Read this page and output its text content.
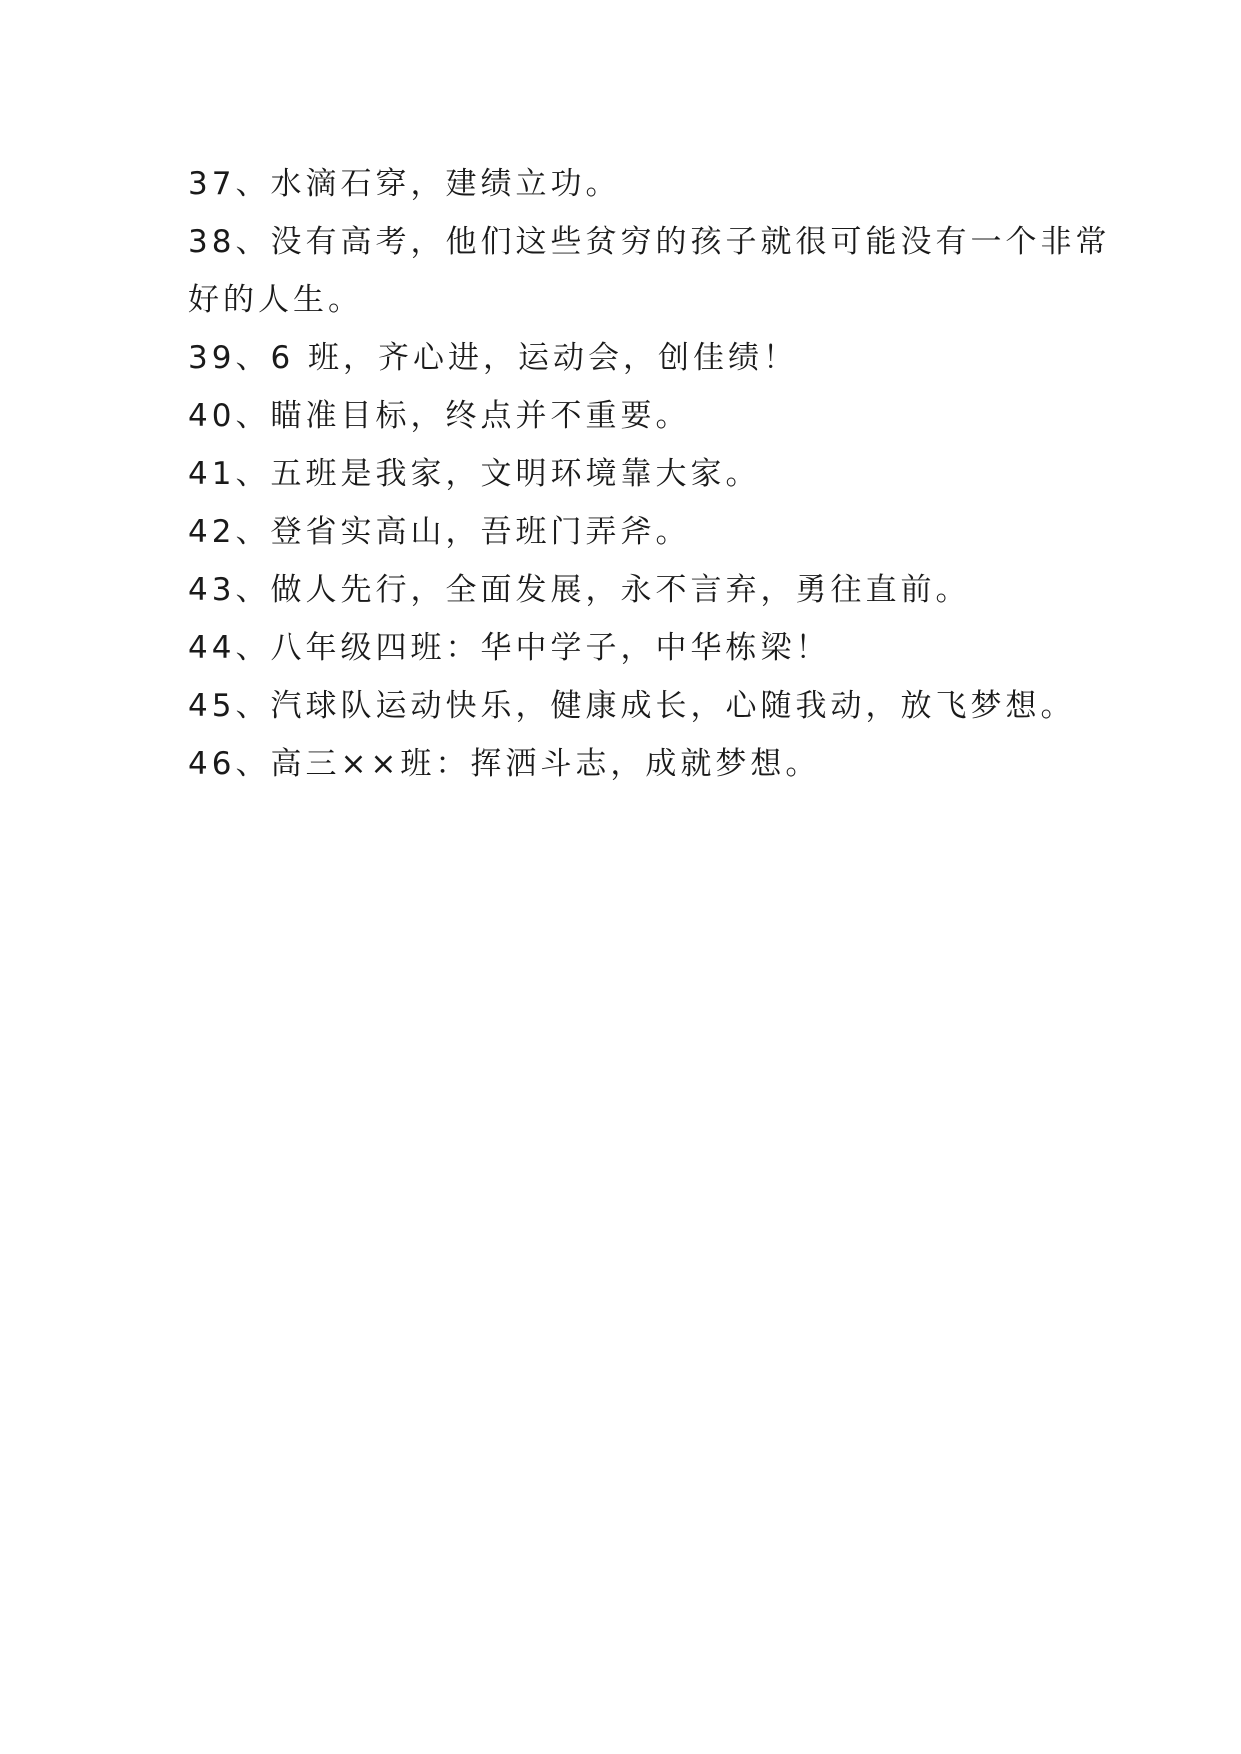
37、水滴石穿，建绩立功。
38、没有高考，他们这些贫穷的孩子就很可能没有一个非常
好的人生。
39、6 班，齐心进，运动会，创佳绩！
40、瞄准目标，终点并不重要。
41、五班是我家，文明环境靠大家。
42、登省实高山，吾班门弄斧。
43、做人先行，全面发展，永不言弃，勇往直前。
44、八年级四班：华中学子，中华栋梁！
45、汽球队运动快乐，健康成长，心随我动，放飞梦想。
46、高三××班：挥洒斗志，成就梦想。
